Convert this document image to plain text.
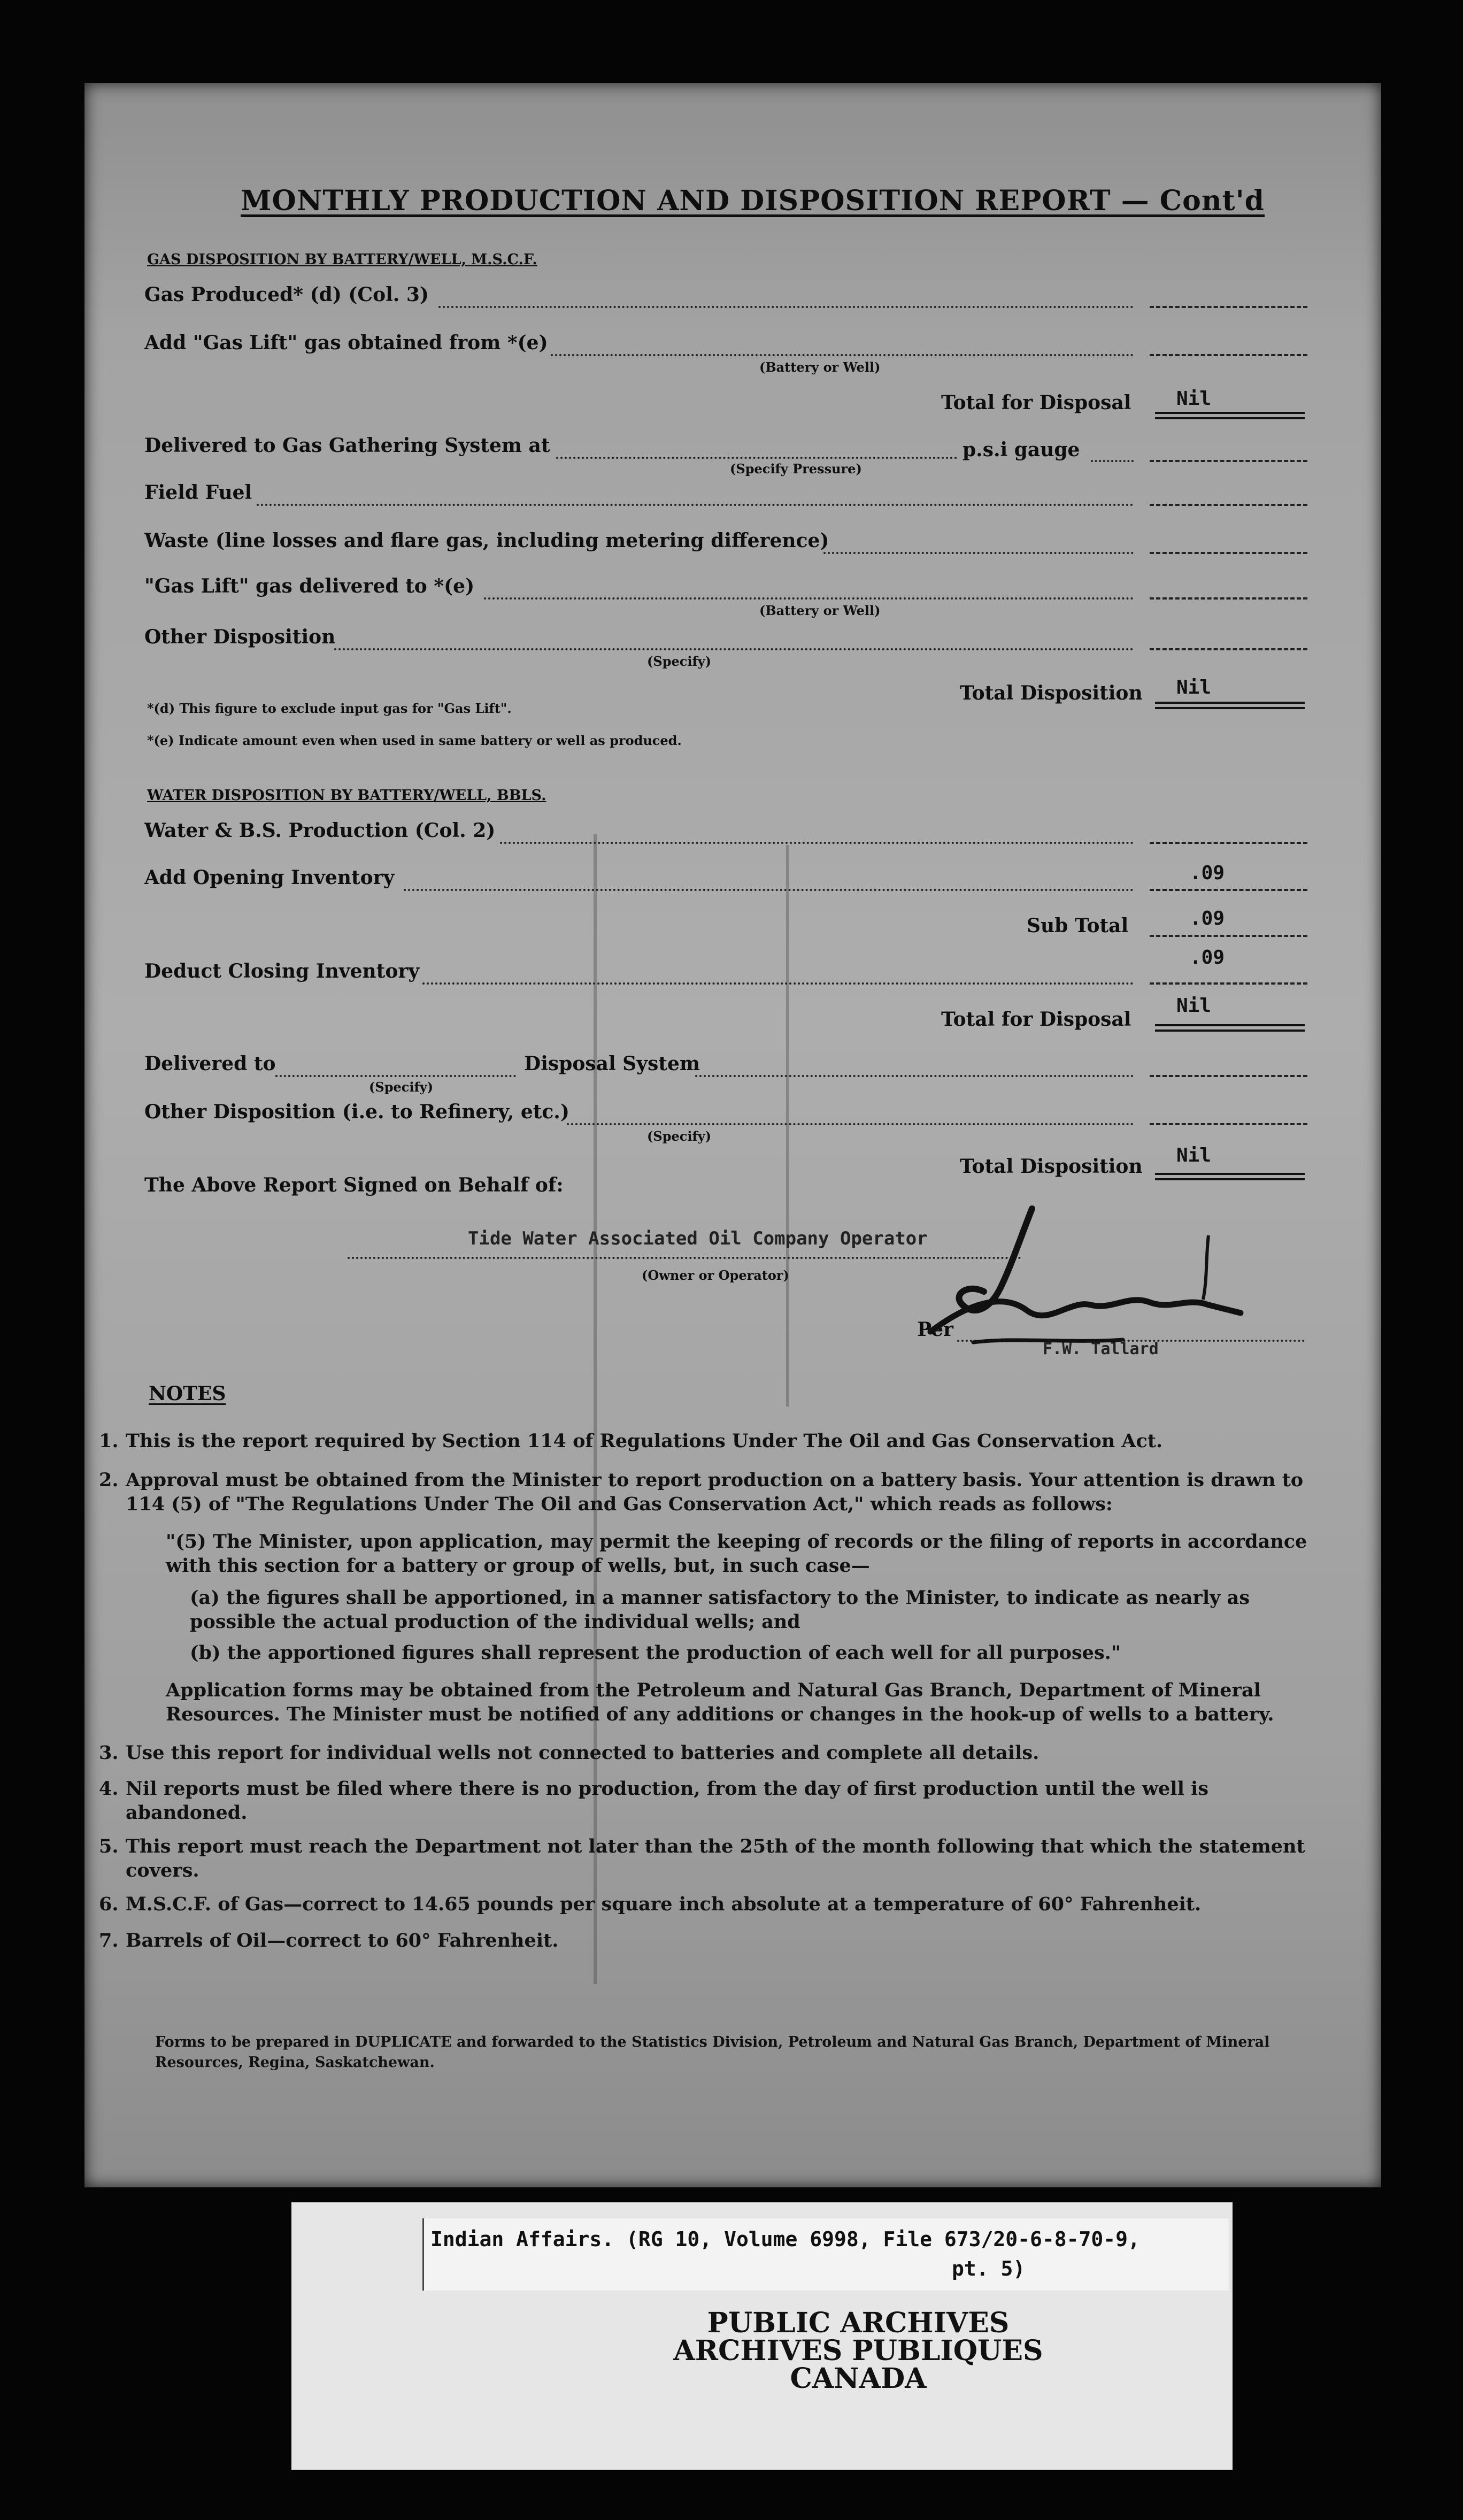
MONTHLY PRODUCTION AND DISPOSITION REPORT — Cont'd
GAS DISPOSITION BY BATTERY/WELL, M.S.C.F.
Gas Produced* (d) (Col. 3)
Add "Gas Lift" gas obtained from *(e)
(Battery or Well)
Total for Disposal Nil
Delivered to Gas Gathering System at
(Specify Pressure)
p.s.i gauge
Field Fuel
Waste (line losses and flare gas, including metering difference)
"Gas Lift" gas delivered to *(e)
(Battery or Well)
Other Disposition
(Specify)
Total Disposition Nil
*(d) This figure to exclude input gas for "Gas Lift".
*(e) Indicate amount even when used in same battery or well as produced.
WATER DISPOSITION BY BATTERY/WELL, BBLS.
Water & B.S. Production (Col. 2)
Add Opening Inventory	.09
Sub Total	.09
Deduct Closing Inventory
.09
Total for Disposal
Nil
Delivered to
(Specify)
Disposal System
Other Disposition (i.e. to Refinery, etc.)
(Specify)
Total Disposition Nil
The Above Report Signed on Behalf of:
Tide Water Associated Oil Company Operator
(Owner or Operator)
Per
F.W. Tallard
NOTES
1. This is the report required by Section 114 of Regulations Under The Oil and Gas Conservation Act.
2. Approval must be obtained from the Minister to report production on a battery basis. Your attention is drawn to 114 (5) of "The Regulations Under The Oil and Gas Conservation Act," which reads as follows:
"(5) The Minister, upon application, may permit the keeping of records or the filing of reports in accordance with this section for a battery or group of wells, but, in such case—
(a) the figures shall be apportioned, in a manner satisfactory to the Minister, to indicate as nearly as possible the actual production of the individual wells; and
(b) the apportioned figures shall represent the production of each well for all purposes."
Application forms may be obtained from the Petroleum and Natural Gas Branch, Department of Mineral Resources. The Minister must be notified of any additions or changes in the hook-up of wells to a battery.
3. Use this report for individual wells not connected to batteries and complete all details.
4. Nil reports must be filed where there is no production, from the day of first production until the well is abandoned.
5. This report must reach the Department not later than the 25th of the month following that which the statement covers.
6. M.S.C.F. of Gas—correct to 14.65 pounds per square inch absolute at a temperature of 60° Fahrenheit.
7. Barrels of Oil—correct to 60° Fahrenheit.
Forms to be prepared in DUPLICATE and forwarded to the Statistics Division, Petroleum and Natural Gas Branch, Department of Mineral Resources, Regina, Saskatchewan.
Indian Affairs. (RG 10, Volume 6998, File 673/20-6-8-70-9,
pt. 5)
PUBLIC ARCHIVES
ARCHIVES PUBLIQUES
CANADA
